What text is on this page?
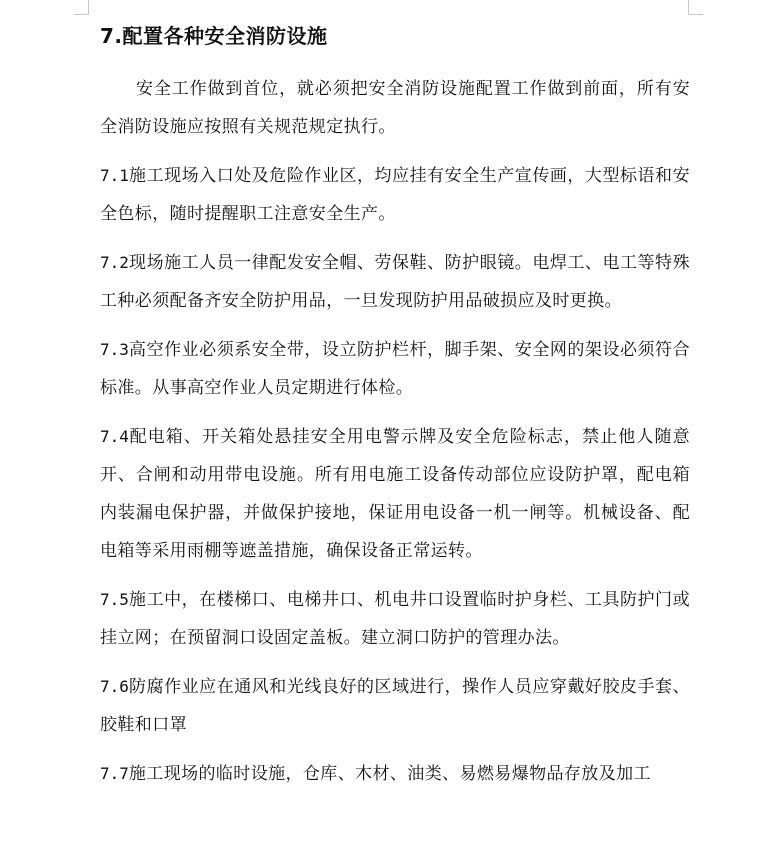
7.配置各种安全消防设施

安全工作做到首位，就必须把安全消防设施配置工作做到前面，所有安全消防设施应按照有关规范规定执行。

7.1施工现场入口处及危险作业区，均应挂有安全生产宣传画，大型标语和安全色标，随时提醒职工注意安全生产。

7.2现场施工人员一律配发安全帽、劳保鞋、防护眼镜。电焊工、电工等特殊工种必须配备齐安全防护用品，一旦发现防护用品破损应及时更换。

7.3高空作业必须系安全带，设立防护栏杆，脚手架、安全网的架设必须符合标准。从事高空作业人员定期进行体检。

7.4配电箱、开关箱处悬挂安全用电警示牌及安全危险标志，禁止他人随意开、合闸和动用带电设施。所有用电施工设备传动部位应设防护罩，配电箱内装漏电保护器，并做保护接地，保证用电设备一机一闸等。机械设备、配电箱等采用雨棚等遮盖措施，确保设备正常运转。

7.5施工中，在楼梯口、电梯井口、机电井口设置临时护身栏、工具防护门或挂立网；在预留洞口设固定盖板。建立洞口防护的管理办法。

7.6防腐作业应在通风和光线良好的区域进行，操作人员应穿戴好胶皮手套、胶鞋和口罩

7.7施工现场的临时设施，仓库、木材、油类、易燃易爆物品存放及加工
